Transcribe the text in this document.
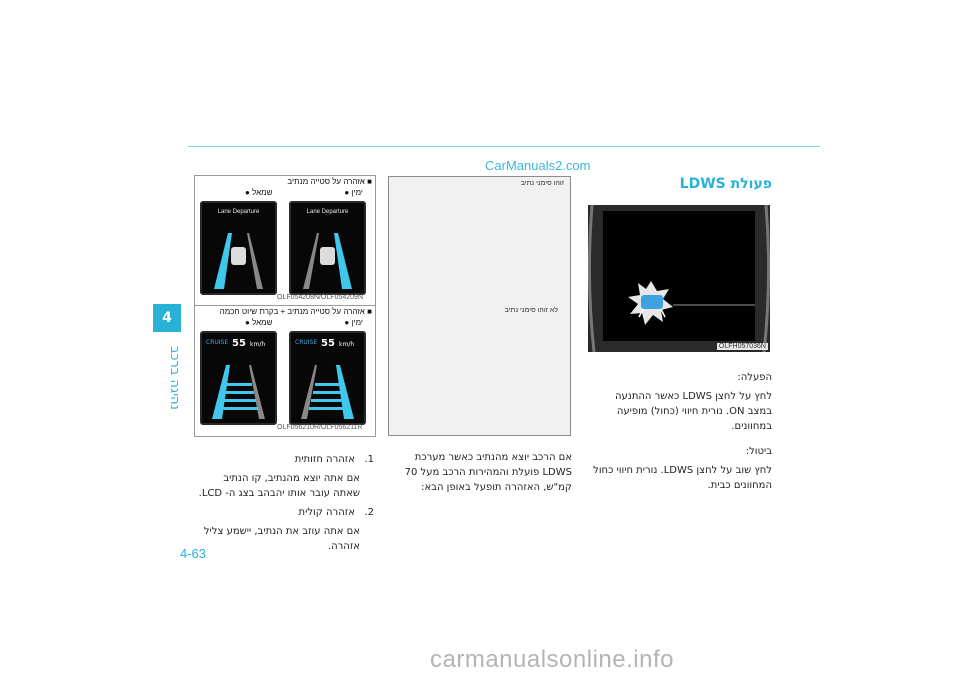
CarManuals2.com
4
נהיגה ברכב
4-63
פעולת LDWS
OLFH057036N
הפעלה:
לחץ על לחצן LDWS כאשר ההתנעה
במצב ON. נורית חיווי (כחול) מופיעה במחוונים.
ביטול:
לחץ שוב על לחצן LDWS. נורית חיווי כחול
המחוונים כבית.
זוהו סימני נתיב
לא זוהו סימני נתיב
אם הרכב יוצא מהנתיב כאשר מערכת
LDWS פועלת והמהירות הרכב מעל 70
קמ"ש, האזהרה תופעל באופן הבא:
■ אזהרה על סטייה מנתיב
● ימין
● שמאל
Lane Departure	Lane Departure
OLF054208N/OLF054209N
■ אזהרה על סטייה מנתיב + בקרת שיוט חכמה
● ימין
● שמאל
CRUISE 55 km/h	CRUISE 55 km/h
OLF056210R/OLF056211R
1.   אזהרה חזותית
אם אתה יוצא מהנתיב, קו הנתיב
שאתה עובר אותו יהבהב בצג ה- LCD.
2.   אזהרה קולית
אם אתה עוזב את הנתיב, יישמע צליל
אזהרה.
carmanualsonline.info
